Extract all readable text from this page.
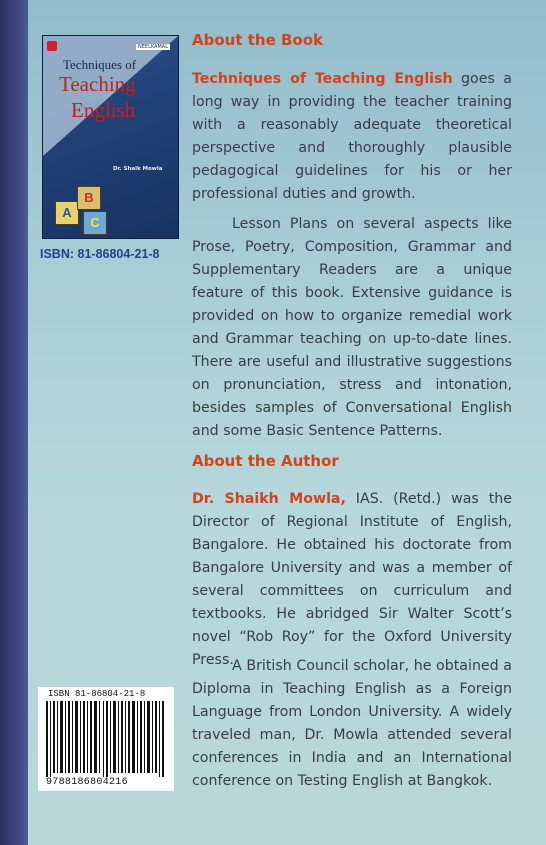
NEELKAMAL
Techniques of
Teaching
English
Dr. Shaik Mowla
A
B
C
ISBN: 81-86804-21-8
About the Book
Techniques of Teaching English goes a long way in providing the teacher training with a reasonably adequate theoretical perspective and thoroughly plausible pedagogical guidelines for his or her professional duties and growth.
Lesson Plans on several aspects like Prose, Poetry, Composition, Grammar and Supplementary Readers are a unique feature of this book. Extensive guidance is provided on how to organize remedial work and Grammar teaching on up-to-date lines. There are useful and illustrative suggestions on pronunciation, stress and intonation, besides samples of Conversational English and some Basic Sentence Patterns.
About the Author
Dr. Shaikh Mowla, IAS. (Retd.) was the Director of Regional Institute of English, Bangalore. He obtained his doctorate from Bangalore University and was a member of several committees on curriculum and textbooks. He abridged Sir Walter Scott’s novel “Rob Roy” for the Oxford University Press.
A British Council scholar, he obtained a Diploma in Teaching English as a Foreign Language from London University. A widely traveled man, Dr. Mowla attended several conferences in India and an International conference on Testing English at Bangkok.
ISBN 81-86804-21-8
9788186804216
